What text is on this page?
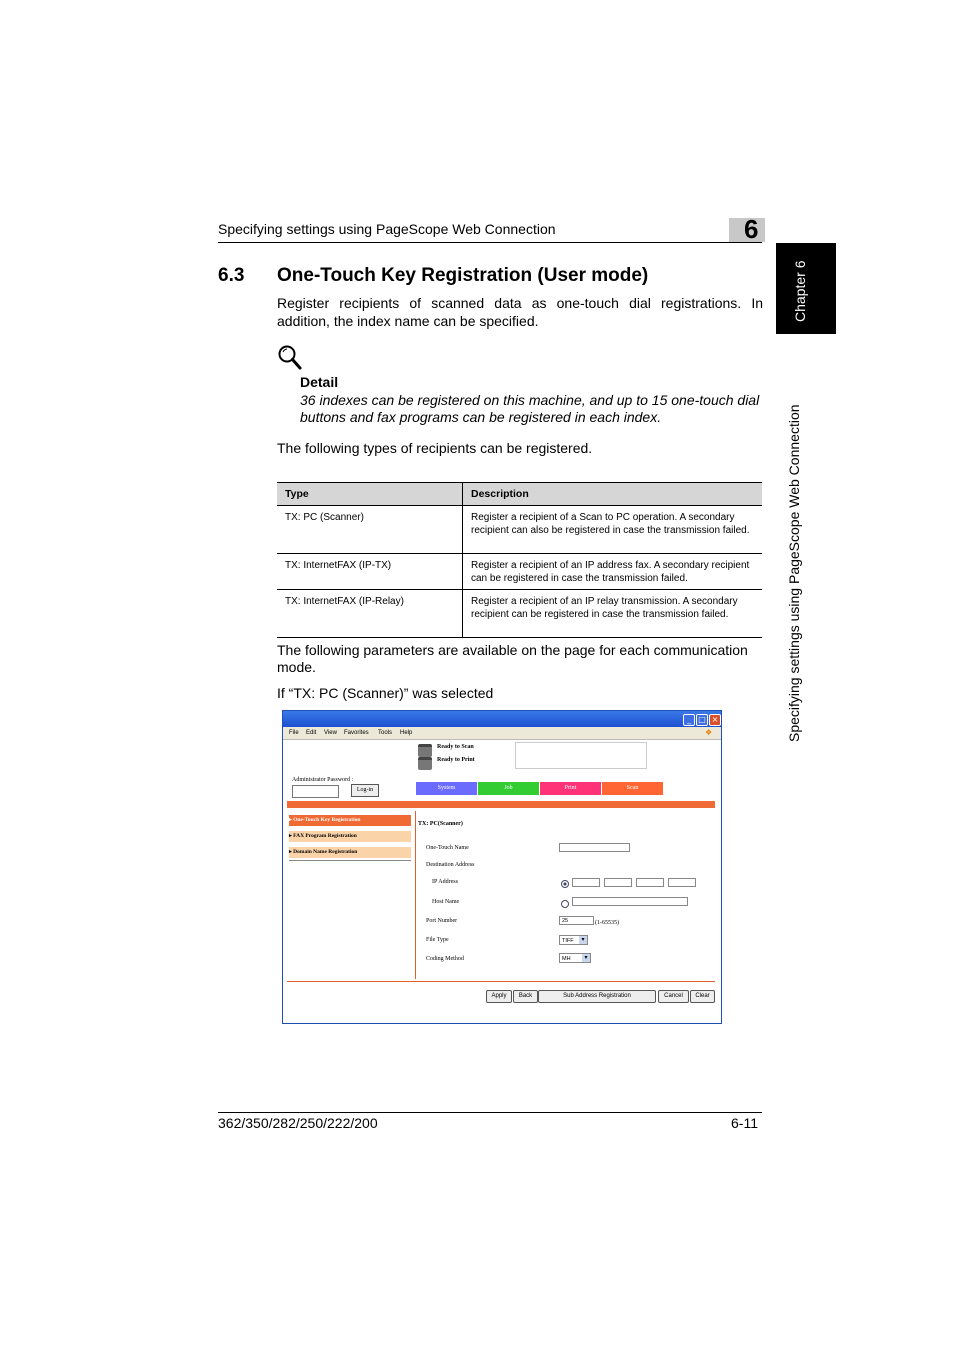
Specifying settings using PageScope Web Connection	6
Chapter 6
Specifying settings using PageScope Web Connection
6.3 One-Touch Key Registration (User mode)
Register recipients of scanned data as one-touch dial registrations. In addition, the index name can be specified.
Detail
36 indexes can be registered on this machine, and up to 15 one-touch dial buttons and fax programs can be registered in each index.
The following types of recipients can be registered.
Type	Description
TX: PC (Scanner)	Register a recipient of a Scan to PC operation. A secondary recipient can also be registered in case the transmission failed.
TX: InternetFAX (IP-TX)	Register a recipient of an IP address fax. A secondary recipient can be registered in case the transmission failed.
TX: InternetFAX (IP-Relay)	Register a recipient of an IP relay transmission. A secondary recipient can be registered in case the transmission failed.
The following parameters are available on the page for each communication mode.
If “TX: PC (Scanner)” was selected
_ □ ×
File Edit View Favorites Tools Help	❖
Ready to Scan
Ready to Print
Administrator Password :
Log-in	System	Job	Print	Scan
▸ One-Touch Key Registration
▸ FAX Program Registration
▸ Domain Name Registration
TX: PC(Scanner)
One-Touch Name
Destination Address
IP Address
Host Name
Port Number	25	(1-65535)
File Type	TIFF	▾
Coding Method	MH	▾
Apply	Back	Sub Address Registration	Cancel	Clear
362/350/282/250/222/200	6-11
